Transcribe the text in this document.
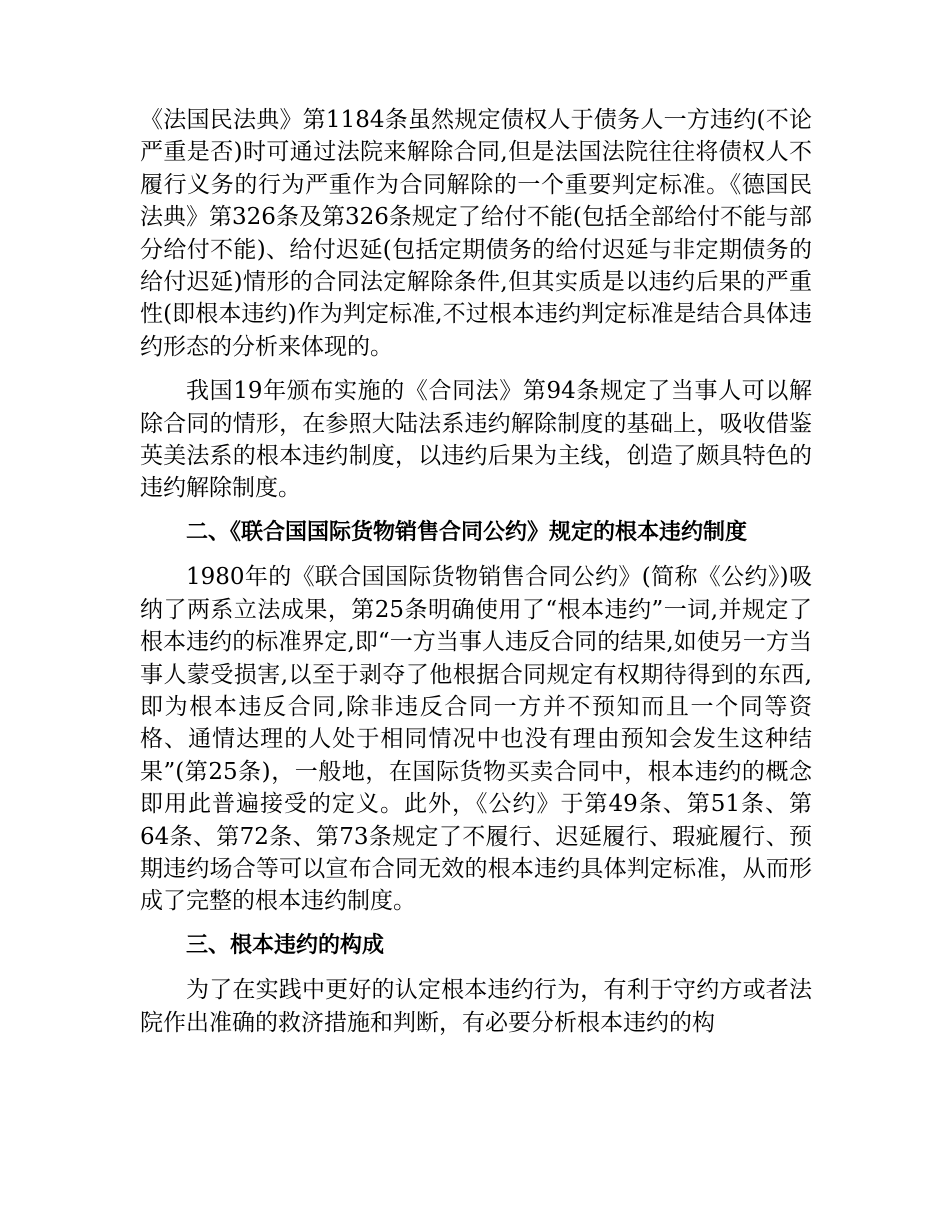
《法国民法典》第1184条虽然规定债权人于债务人一方违约(不论严重是否)时可通过法院来解除合同,但是法国法院往往将债权人不履行义务的行为严重作为合同解除的一个重要判定标准。《德国民法典》第326条及第326条规定了给付不能(包括全部给付不能与部分给付不能)、给付迟延(包括定期债务的给付迟延与非定期债务的给付迟延)情形的合同法定解除条件,但其实质是以违约后果的严重性(即根本违约)作为判定标准,不过根本违约判定标准是结合具体违约形态的分析来体现的。

我国19年颁布实施的《合同法》第94条规定了当事人可以解除合同的情形，在参照大陆法系违约解除制度的基础上，吸收借鉴英美法系的根本违约制度，以违约后果为主线，创造了颇具特色的违约解除制度。

二、《联合国国际货物销售合同公约》规定的根本违约制度

1980年的《联合国国际货物销售合同公约》(简称《公约》)吸纳了两系立法成果，第25条明确使用了“根本违约”一词,并规定了根本违约的标准界定,即“一方当事人违反合同的结果,如使另一方当事人蒙受损害,以至于剥夺了他根据合同规定有权期待得到的东西,即为根本违反合同,除非违反合同一方并不预知而且一个同等资格、通情达理的人处于相同情况中也没有理由预知会发生这种结果”(第25条)，一般地，在国际货物买卖合同中，根本违约的概念即用此普遍接受的定义。此外，《公约》于第49条、第51条、第64条、第72条、第73条规定了不履行、迟延履行、瑕疵履行、预期违约场合等可以宣布合同无效的根本违约具体判定标准，从而形成了完整的根本违约制度。

三、根本违约的构成

为了在实践中更好的认定根本违约行为，有利于守约方或者法院作出准确的救济措施和判断，有必要分析根本违约的构
